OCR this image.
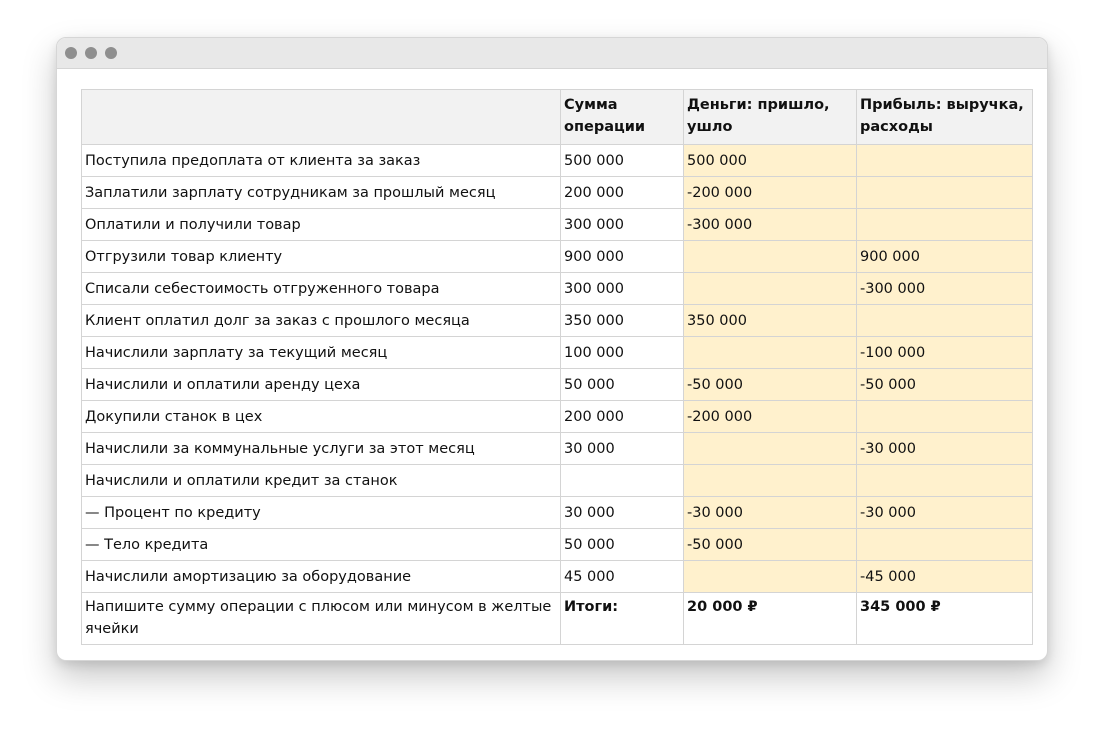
	Сумма операции	Деньги: пришло, ушло	Прибыль: выручка, расходы
Поступила предоплата от клиента за заказ	500 000	500 000	
Заплатили зарплату сотрудникам за прошлый месяц	200 000	-200 000	
Оплатили и получили товар	300 000	-300 000	
Отгрузили товар клиенту	900 000		900 000
Списали себестоимость отгруженного товара	300 000		-300 000
Клиент оплатил долг за заказ с прошлого месяца	350 000	350 000	
Начислили зарплату за текущий месяц	100 000		-100 000
Начислили и оплатили аренду цеха	50 000	-50 000	-50 000
Докупили станок в цех	200 000	-200 000	
Начислили за коммунальные услуги за этот месяц	30 000		-30 000
Начислили и оплатили кредит за станок			
— Процент по кредиту	30 000	-30 000	-30 000
— Тело кредита	50 000	-50 000	
Начислили амортизацию за оборудование	45 000		-45 000
Напишите сумму операции с плюсом или минусом в желтые ячейки	Итоги:	20 000 ₽	345 000 ₽
